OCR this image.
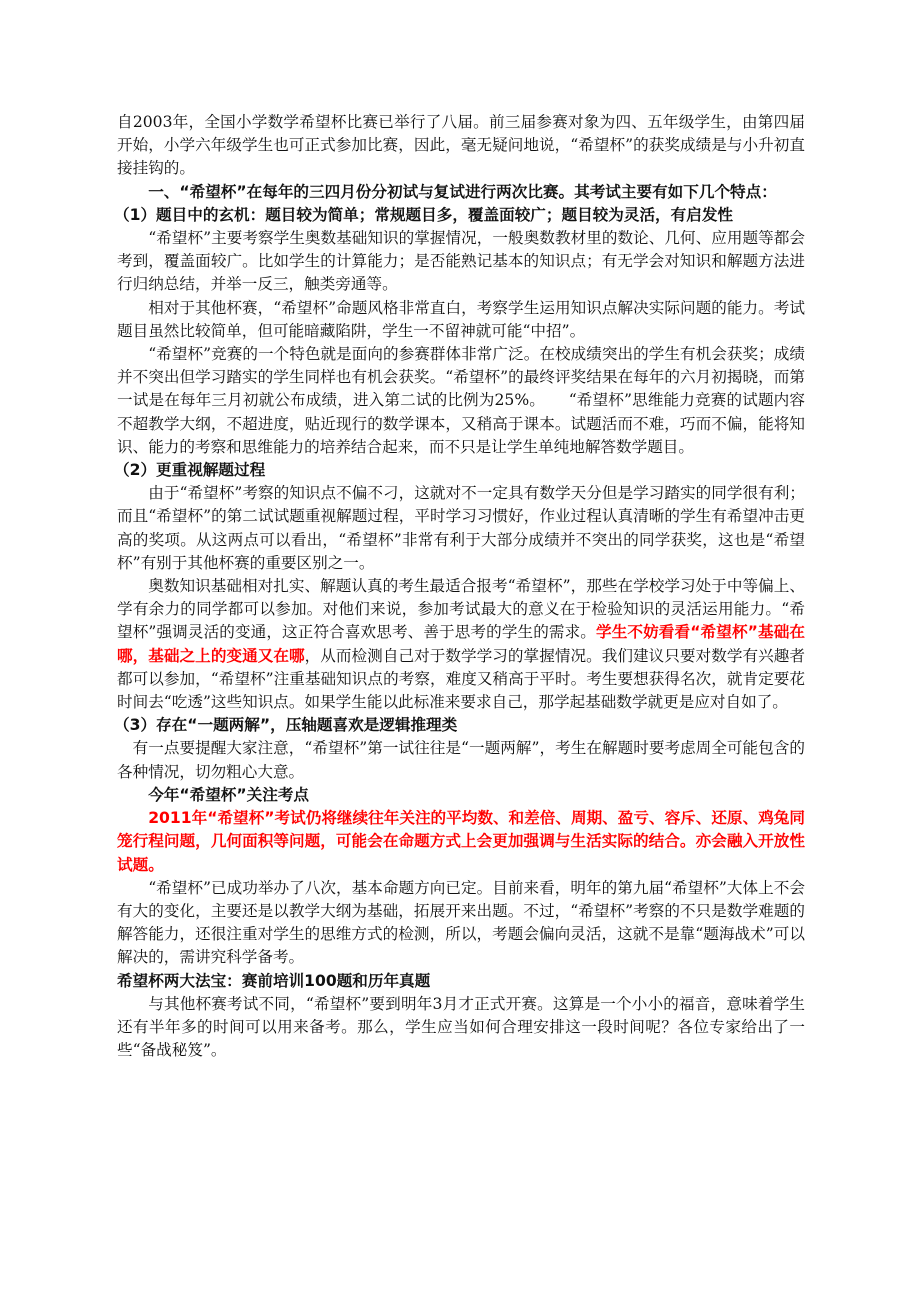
自2003年，全国小学数学希望杯比赛已举行了八届。前三届参赛对象为四、五年级学生，由第四届开始，小学六年级学生也可正式参加比赛，因此，毫无疑问地说，“希望杯”的获奖成绩是与小升初直接挂钩的。

一、“希望杯”在每年的三四月份分初试与复试进行两次比赛。其考试主要有如下几个特点：

（1）题目中的玄机：题目较为简单；常规题目多，覆盖面较广；题目较为灵活，有启发性

“希望杯”主要考察学生奥数基础知识的掌握情况，一般奥数教材里的数论、几何、应用题等都会考到，覆盖面较广。比如学生的计算能力；是否能熟记基本的知识点；有无学会对知识和解题方法进行归纳总结，并举一反三，触类旁通等。

相对于其他杯赛，“希望杯”命题风格非常直白，考察学生运用知识点解决实际问题的能力。考试题目虽然比较简单，但可能暗藏陷阱，学生一不留神就可能“中招”。

“希望杯”竞赛的一个特色就是面向的参赛群体非常广泛。在校成绩突出的学生有机会获奖；成绩并不突出但学习踏实的学生同样也有机会获奖。“希望杯”的最终评奖结果在每年的六月初揭晓，而第一试是在每年三月初就公布成绩，进入第二试的比例为25%。　　“希望杯”思维能力竞赛的试题内容不超教学大纲，不超进度，贴近现行的数学课本，又稍高于课本。试题活而不难，巧而不偏，能将知识、能力的考察和思维能力的培养结合起来，而不只是让学生单纯地解答数学题目。

（2）更重视解题过程

由于“希望杯”考察的知识点不偏不刁，这就对不一定具有数学天分但是学习踏实的同学很有利；而且“希望杯”的第二试试题重视解题过程，平时学习习惯好，作业过程认真清晰的学生有希望冲击更高的奖项。从这两点可以看出，“希望杯”非常有利于大部分成绩并不突出的同学获奖，这也是“希望杯”有别于其他杯赛的重要区别之一。

奥数知识基础相对扎实、解题认真的考生最适合报考“希望杯”，那些在学校学习处于中等偏上、学有余力的同学都可以参加。对他们来说，参加考试最大的意义在于检验知识的灵活运用能力。“希望杯”强调灵活的变通，这正符合喜欢思考、善于思考的学生的需求。学生不妨看看“希望杯”基础在哪，基础之上的变通又在哪，从而检测自己对于数学学习的掌握情况。我们建议只要对数学有兴趣者都可以参加，“希望杯”注重基础知识点的考察，难度又稍高于平时。考生要想获得名次，就肯定要花时间去“吃透”这些知识点。如果学生能以此标准来要求自己，那学起基础数学就更是应对自如了。

（3）存在“一题两解”，压轴题喜欢是逻辑推理类

有一点要提醒大家注意，“希望杯”第一试往往是“一题两解”，考生在解题时要考虑周全可能包含的各种情况，切勿粗心大意。

今年“希望杯”关注考点

2011年“希望杯”考试仍将继续往年关注的平均数、和差倍、周期、盈亏、容斥、还原、鸡兔同笼行程问题，几何面积等问题，可能会在命题方式上会更加强调与生活实际的结合。亦会融入开放性试题。

“希望杯”已成功举办了八次，基本命题方向已定。目前来看，明年的第九届“希望杯”大体上不会有大的变化，主要还是以教学大纲为基础，拓展开来出题。不过，“希望杯”考察的不只是数学难题的解答能力，还很注重对学生的思维方式的检测，所以，考题会偏向灵活，这就不是靠“题海战术”可以解决的，需讲究科学备考。

希望杯两大法宝：赛前培训100题和历年真题

与其他杯赛考试不同，“希望杯”要到明年3月才正式开赛。这算是一个小小的福音，意味着学生还有半年多的时间可以用来备考。那么，学生应当如何合理安排这一段时间呢？各位专家给出了一些“备战秘笈”。
